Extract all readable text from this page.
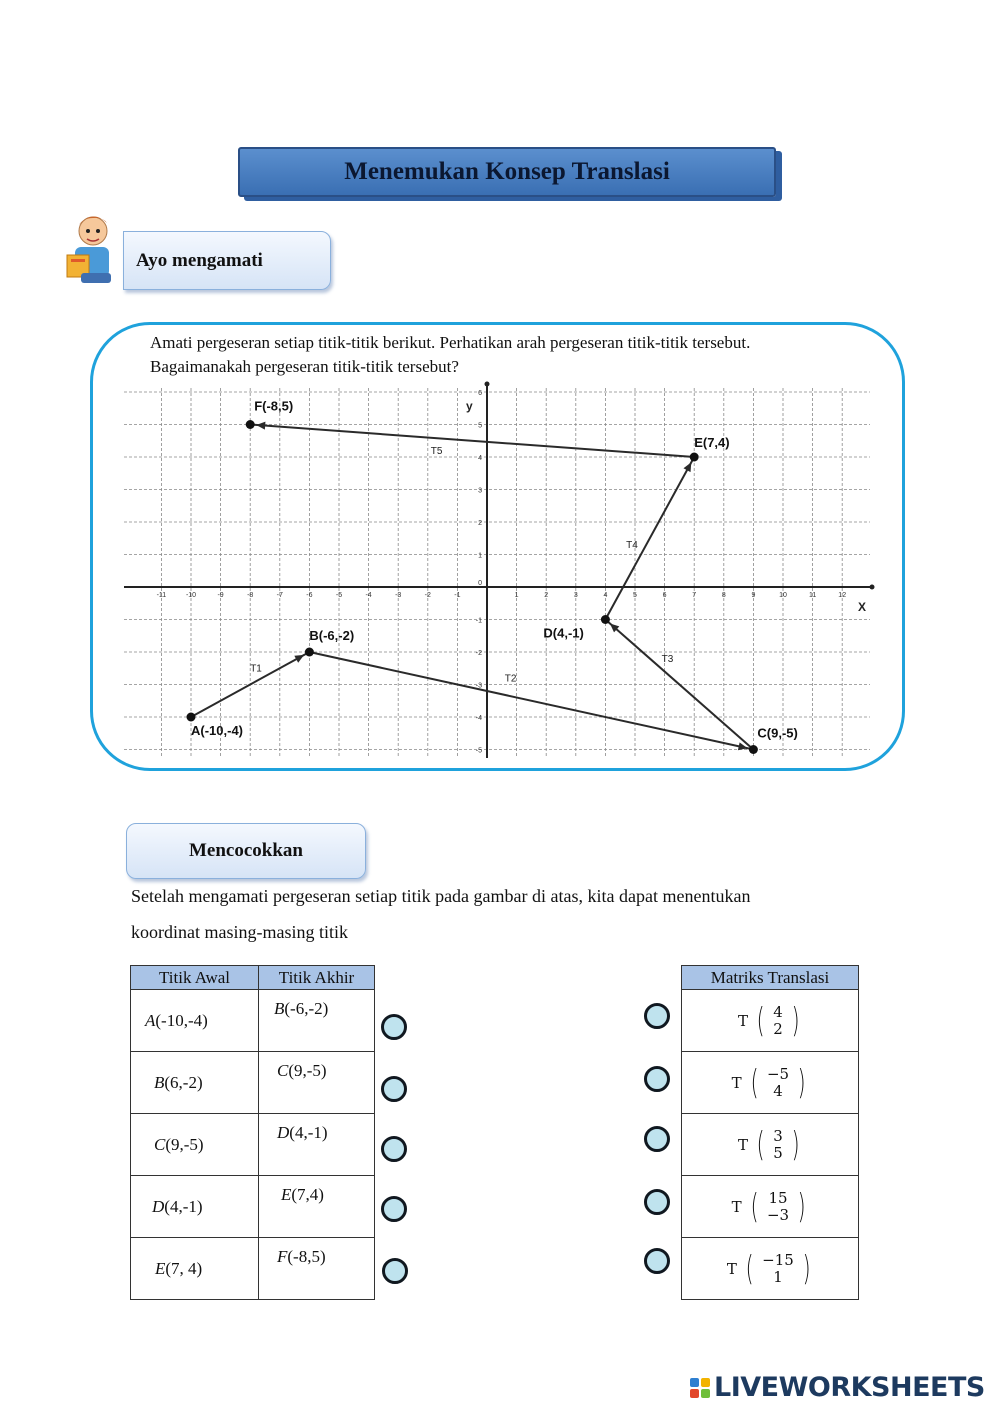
Menemukan Konsep Translasi
Ayo mengamati
Amati pergeseran setiap titik-titik berikut. Perhatikan arah pergeseran titik-titik tersebut. Bagaimanakah pergeseran titik-titik tersebut?
-11	-10	-9	-8	-7	-6	-5	-4	-3	-2	-1	1	2	3	4	5	6	7	8	9	10	11	12
-5
-4
-3
-2
-1
0
1
2
3
4
5
6
X
y
T1
T2
T3
T4
T5
A(-10,-4)
B(-6,-2)
C(9,-5)
D(4,-1)
E(7,4)
F(-8,5)
Mencocokkan
Setelah mengamati pergeseran setiap titik pada gambar di atas, kita dapat menentukan
koordinat masing-masing titik
Titik Awal	Titik Akhir

A(-10,-4)	B(-6,-2)

B(6,-2)	C(9,-5)

C(9,-5)	D(4,-1)

D(4,-1)	E(7,4)

E(7, 4)	F(-8,5)
Matriks Translasi

T ( 4
2 )

T ( −5
4 )

T ( 3
5 )

T ( 15
−3 )

T ( −15
1 )
LIVEWORKSHEETS
